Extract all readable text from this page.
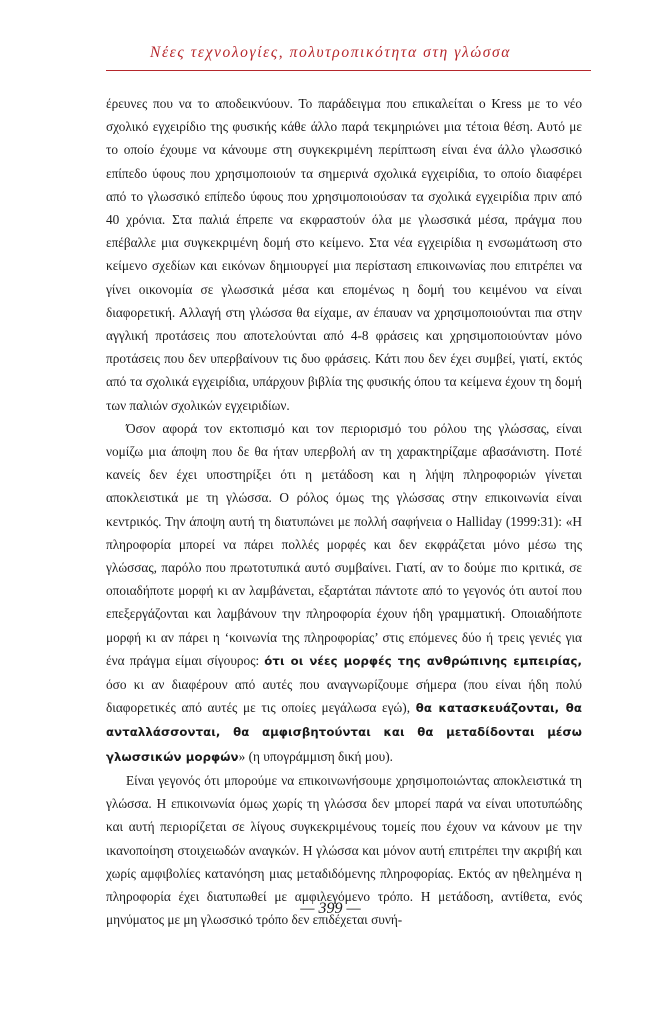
Νέες τεχνολογίες, πολυτροπικότητα στη γλώσσα

έρευνες που να το αποδεικνύουν. Το παράδειγμα που επικαλείται ο Kress με το νέο σχολικό εγχειρίδιο της φυσικής κάθε άλλο παρά τεκμηριώνει μια τέτοια θέση. Αυτό με το οποίο έχουμε να κάνουμε στη συγκεκριμένη περίπτωση είναι ένα άλλο γλωσσικό επίπεδο ύφους που χρησιμοποιούν τα σημερινά σχολικά εγχειρίδια, το οποίο διαφέρει από το γλωσσικό επίπεδο ύφους που χρησιμοποιούσαν τα σχολικά εγχειρίδια πριν από 40 χρόνια. Στα παλιά έπρεπε να εκφραστούν όλα με γλωσσικά μέσα, πράγμα που επέβαλλε μια συγκεκριμένη δομή στο κείμενο. Στα νέα εγχειρίδια η ενσωμάτωση στο κείμενο σχεδίων και εικόνων δημιουργεί μια περίσταση επικοινωνίας που επιτρέπει να γίνει οικονομία σε γλωσσικά μέσα και επομένως η δομή του κειμένου να είναι διαφορετική. Αλλαγή στη γλώσσα θα είχαμε, αν έπαυαν να χρησιμοποιούνται πια στην αγγλική προτάσεις που αποτελούνται από 4-8 φράσεις και χρησιμοποιούνταν μόνο προτάσεις που δεν υπερβαίνουν τις δυο φράσεις. Κάτι που δεν έχει συμβεί, γιατί, εκτός από τα σχολικά εγχειρίδια, υπάρχουν βιβλία της φυσικής όπου τα κείμενα έχουν τη δομή των παλιών σχολικών εγχειριδίων.

Όσον αφορά τον εκτοπισμό και τον περιορισμό του ρόλου της γλώσσας, είναι νομίζω μια άποψη που δε θα ήταν υπερβολή αν τη χαρακτηρίζαμε αβασάνιστη. Ποτέ κανείς δεν έχει υποστηρίξει ότι η μετάδοση και η λήψη πληροφοριών γίνεται αποκλειστικά με τη γλώσσα. Ο ρόλος όμως της γλώσσας στην επικοινωνία είναι κεντρικός. Την άποψη αυτή τη διατυπώνει με πολλή σαφήνεια ο Halliday (1999:31): «Η πληροφορία μπορεί να πάρει πολλές μορφές και δεν εκφράζεται μόνο μέσω της γλώσσας, παρόλο που πρωτοτυπικά αυτό συμβαίνει. Γιατί, αν το δούμε πιο κριτικά, σε οποιαδήποτε μορφή κι αν λαμβάνεται, εξαρτάται πάντοτε από το γεγονός ότι αυτοί που επεξεργάζονται και λαμβάνουν την πληροφορία έχουν ήδη γραμματική. Οποιαδήποτε μορφή κι αν πάρει η ‘κοινωνία της πληροφορίας’ στις επόμενες δύο ή τρεις γενιές για ένα πράγμα είμαι σίγουρος: ότι οι νέες μορφές της ανθρώπινης εμπειρίας, όσο κι αν διαφέρουν από αυτές που αναγνωρίζουμε σήμερα (που είναι ήδη πολύ διαφορετικές από αυτές με τις οποίες μεγάλωσα εγώ), θα κατασκευάζονται, θα ανταλλάσσονται, θα αμφισβητούνται και θα μεταδίδονται μέσω γλωσσικών μορφών» (η υπογράμμιση δική μου).

Είναι γεγονός ότι μπορούμε να επικοινωνήσουμε χρησιμοποιώντας αποκλειστικά τη γλώσσα. Η επικοινωνία όμως χωρίς τη γλώσσα δεν μπορεί παρά να είναι υποτυπώδης και αυτή περιορίζεται σε λίγους συγκεκριμένους τομείς που έχουν να κάνουν με την ικανοποίηση στοιχειωδών αναγκών. Η γλώσσα και μόνον αυτή επιτρέπει την ακριβή και χωρίς αμφιβολίες κατανόηση μιας μεταδιδόμενης πληροφορίας. Εκτός αν ηθελημένα η πληροφορία έχει διατυπωθεί με αμφιλεγόμενο τρόπο. Η μετάδοση, αντίθετα, ενός μηνύματος με μη γλωσσικό τρόπο δεν επιδέχεται συνή-

— 399 —
